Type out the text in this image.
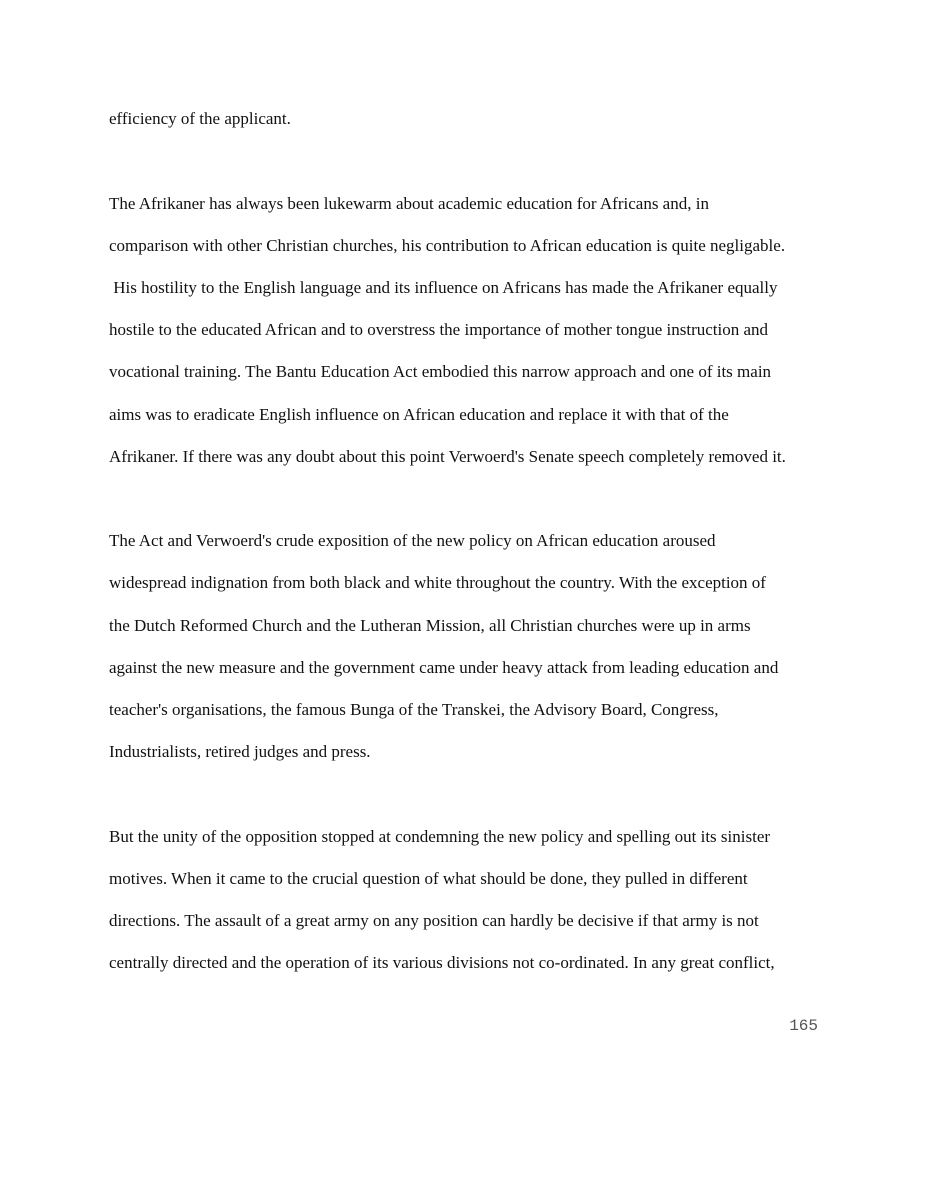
efficiency of the applicant.

The Afrikaner has always been lukewarm about academic education for Africans and, in

comparison with other Christian churches, his contribution to African education is quite negligable.

His hostility to the English language and its influence on Africans has made the Afrikaner equally

hostile to the educated African and to overstress the importance of mother tongue instruction and

vocational training. The Bantu Education Act embodied this narrow approach and one of its main

aims was to eradicate English influence on African education and replace it with that of the

Afrikaner. If there was any doubt about this point Verwoerd's Senate speech completely removed it.

The Act and Verwoerd's crude exposition of the new policy on African education aroused

widespread indignation from both black and white throughout the country. With the exception of

the Dutch Reformed Church and the Lutheran Mission, all Christian churches were up in arms

against the new measure and the government came under heavy attack from leading education and

teacher's organisations, the famous Bunga of the Transkei, the Advisory Board, Congress,

Industrialists, retired judges and press.

But the unity of the opposition stopped at condemning the new policy and spelling out its sinister

motives. When it came to the crucial question of what should be done, they pulled in different

directions. The assault of a great army on any position can hardly be decisive if that army is not

centrally directed and the operation of its various divisions not co-ordinated. In any great conflict,

165
